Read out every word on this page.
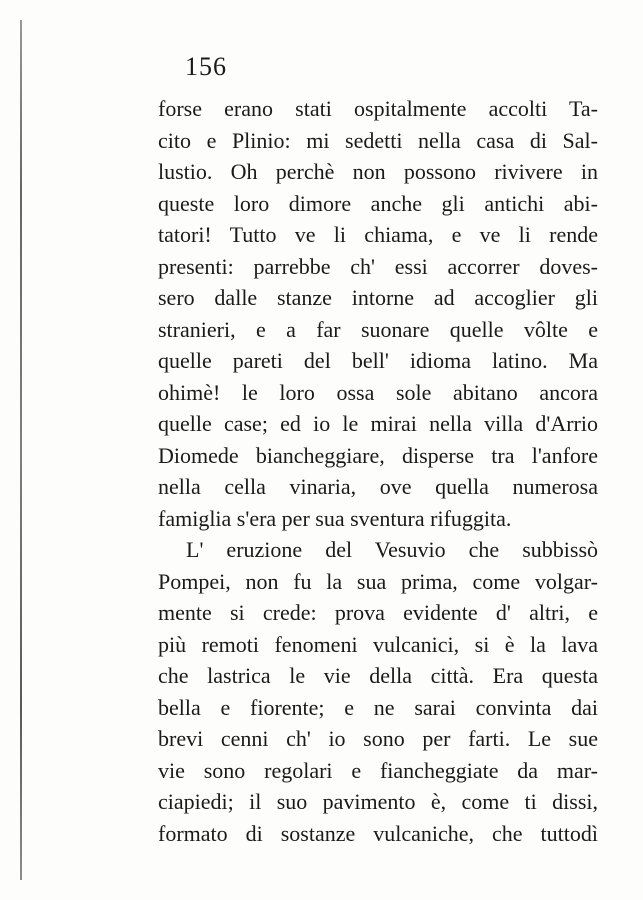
156
forse erano stati ospitalmente accolti Ta-
cito e Plinio: mi sedetti nella casa di Sal-
lustio. Oh perchè non possono rivivere in
queste loro dimore anche gli antichi abi-
tatori! Tutto ve li chiama, e ve li rende
presenti: parrebbe ch' essi accorrer doves-
sero dalle stanze intorne ad accoglier gli
stranieri, e a far suonare quelle vôlte e
quelle pareti del bell' idioma latino. Ma
ohimè! le loro ossa sole abitano ancora
quelle case; ed io le mirai nella villa d'Arrio
Diomede biancheggiare, disperse tra l'anfore
nella cella vinaria, ove quella numerosa
famiglia s'era per sua sventura rifuggita.
L' eruzione del Vesuvio che subbissò
Pompei, non fu la sua prima, come volgar-
mente si crede: prova evidente d' altri, e
più remoti fenomeni vulcanici, si è la lava
che lastrica le vie della città. Era questa
bella e fiorente; e ne sarai convinta dai
brevi cenni ch' io sono per farti. Le sue
vie sono regolari e fiancheggiate da mar-
ciapiedi; il suo pavimento è, come ti dissi,
formato di sostanze vulcaniche, che tuttodì
